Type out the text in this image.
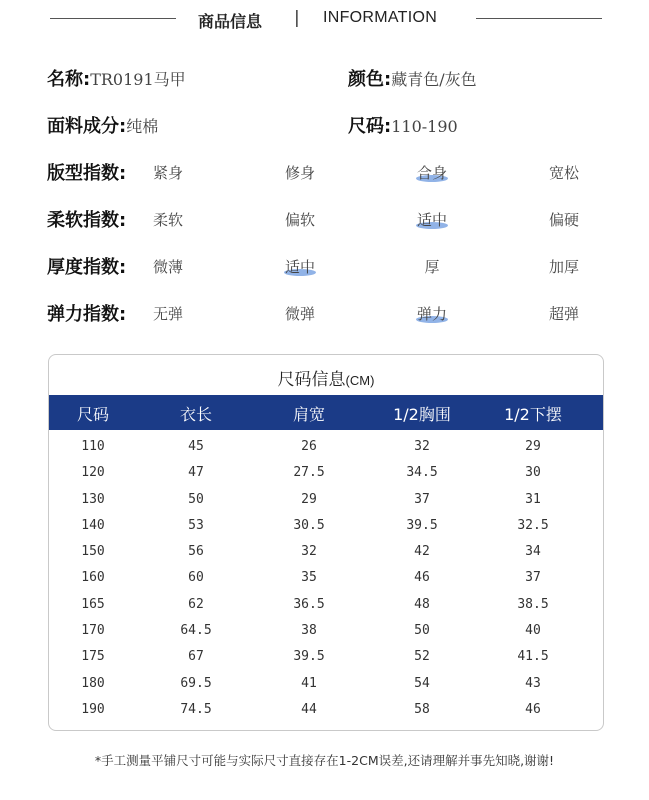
商品信息 | INFORMATION
名称:TR0191马甲	颜色:藏青色/灰色
面料成分:纯棉	尺码:110-190
版型指数:	紧身	修身	合身	宽松
柔软指数:	柔软	偏软	适中	偏硬
厚度指数:	微薄	适中	厚	加厚
弹力指数:	无弹	微弹	弹力	超弹
尺码信息(CM)
尺码	衣长	肩宽	1/2胸围	1/2下摆
110	45	26	32	29
120	47	27.5	34.5	30
130	50	29	37	31
140	53	30.5	39.5	32.5
150	56	32	42	34
160	60	35	46	37
165	62	36.5	48	38.5
170	64.5	38	50	40
175	67	39.5	52	41.5
180	69.5	41	54	43
190	74.5	44	58	46
*手工测量平铺尺寸可能与实际尺寸直接存在1-2CM误差,还请理解并事先知晓,谢谢!
